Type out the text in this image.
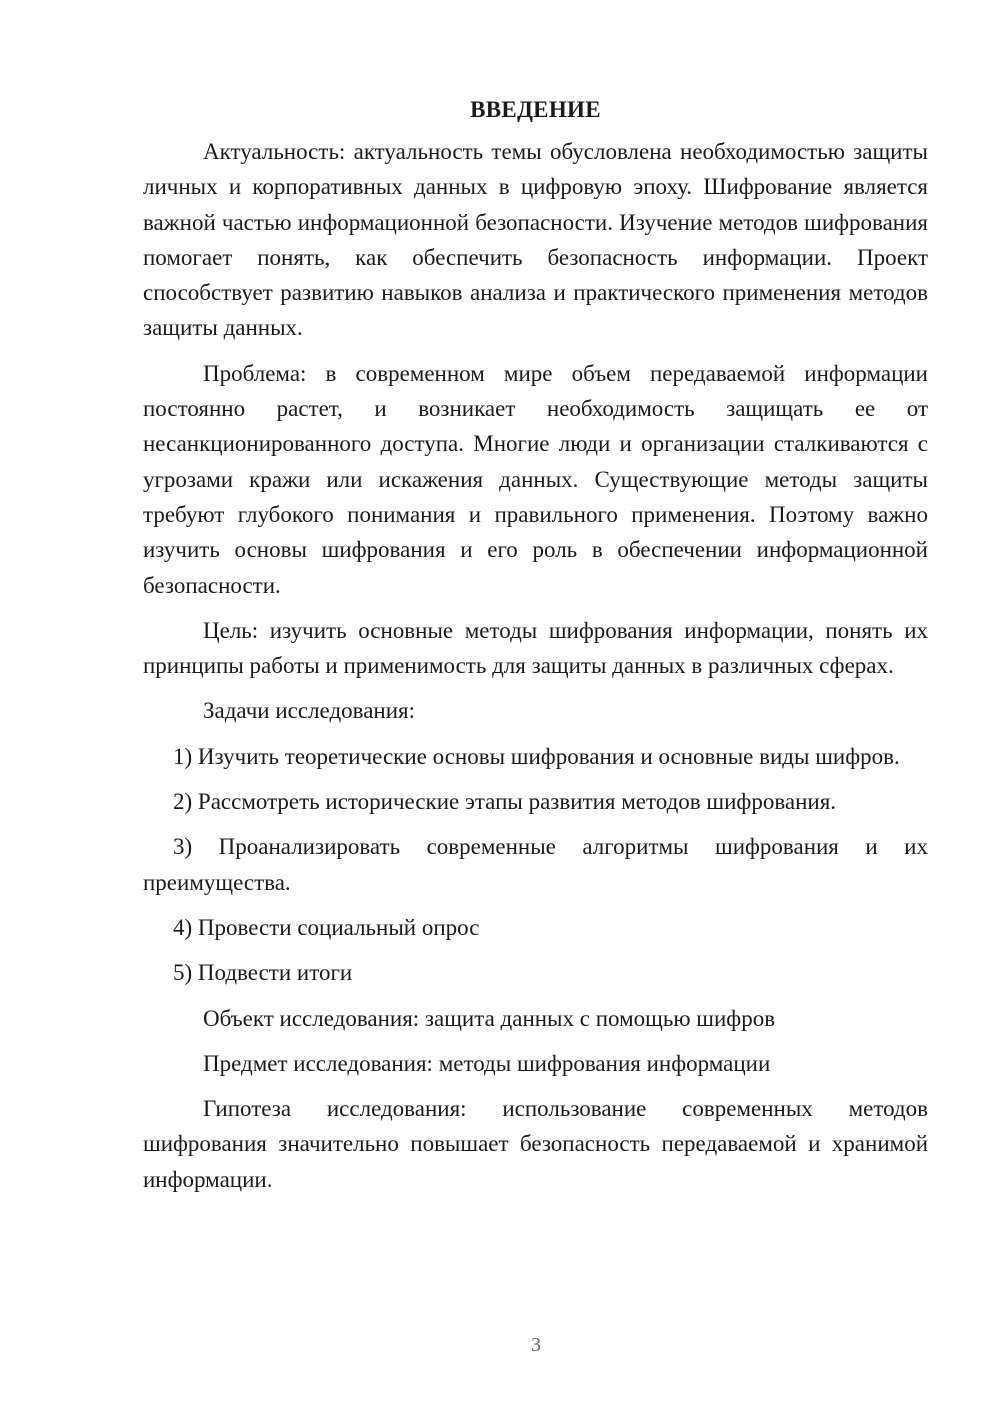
ВВЕДЕНИЕ

Актуальность: актуальность темы обусловлена необходимостью защиты личных и корпоративных данных в цифровую эпоху. Шифрование является важной частью информационной безопасности. Изучение методов шифрования помогает понять, как обеспечить безопасность информации. Проект способствует развитию навыков анализа и практического применения методов защиты данных.

Проблема: в современном мире объем передаваемой информации постоянно растет, и возникает необходимость защищать ее от несанкционированного доступа. Многие люди и организации сталкиваются с угрозами кражи или искажения данных. Существующие методы защиты требуют глубокого понимания и правильного применения. Поэтому важно изучить основы шифрования и его роль в обеспечении информационной безопасности.

Цель: изучить основные методы шифрования информации, понять их принципы работы и применимость для защиты данных в различных сферах.

Задачи исследования:

1) Изучить теоретические основы шифрования и основные виды шифров.

2) Рассмотреть исторические этапы развития методов шифрования.

3) Проанализировать современные алгоритмы шифрования и их преимущества.

4) Провести социальный опрос

5) Подвести итоги

Объект исследования: защита данных с помощью шифров

Предмет исследования: методы шифрования информации

Гипотеза исследования: использование современных методов шифрования значительно повышает безопасность передаваемой и хранимой информации.

3
